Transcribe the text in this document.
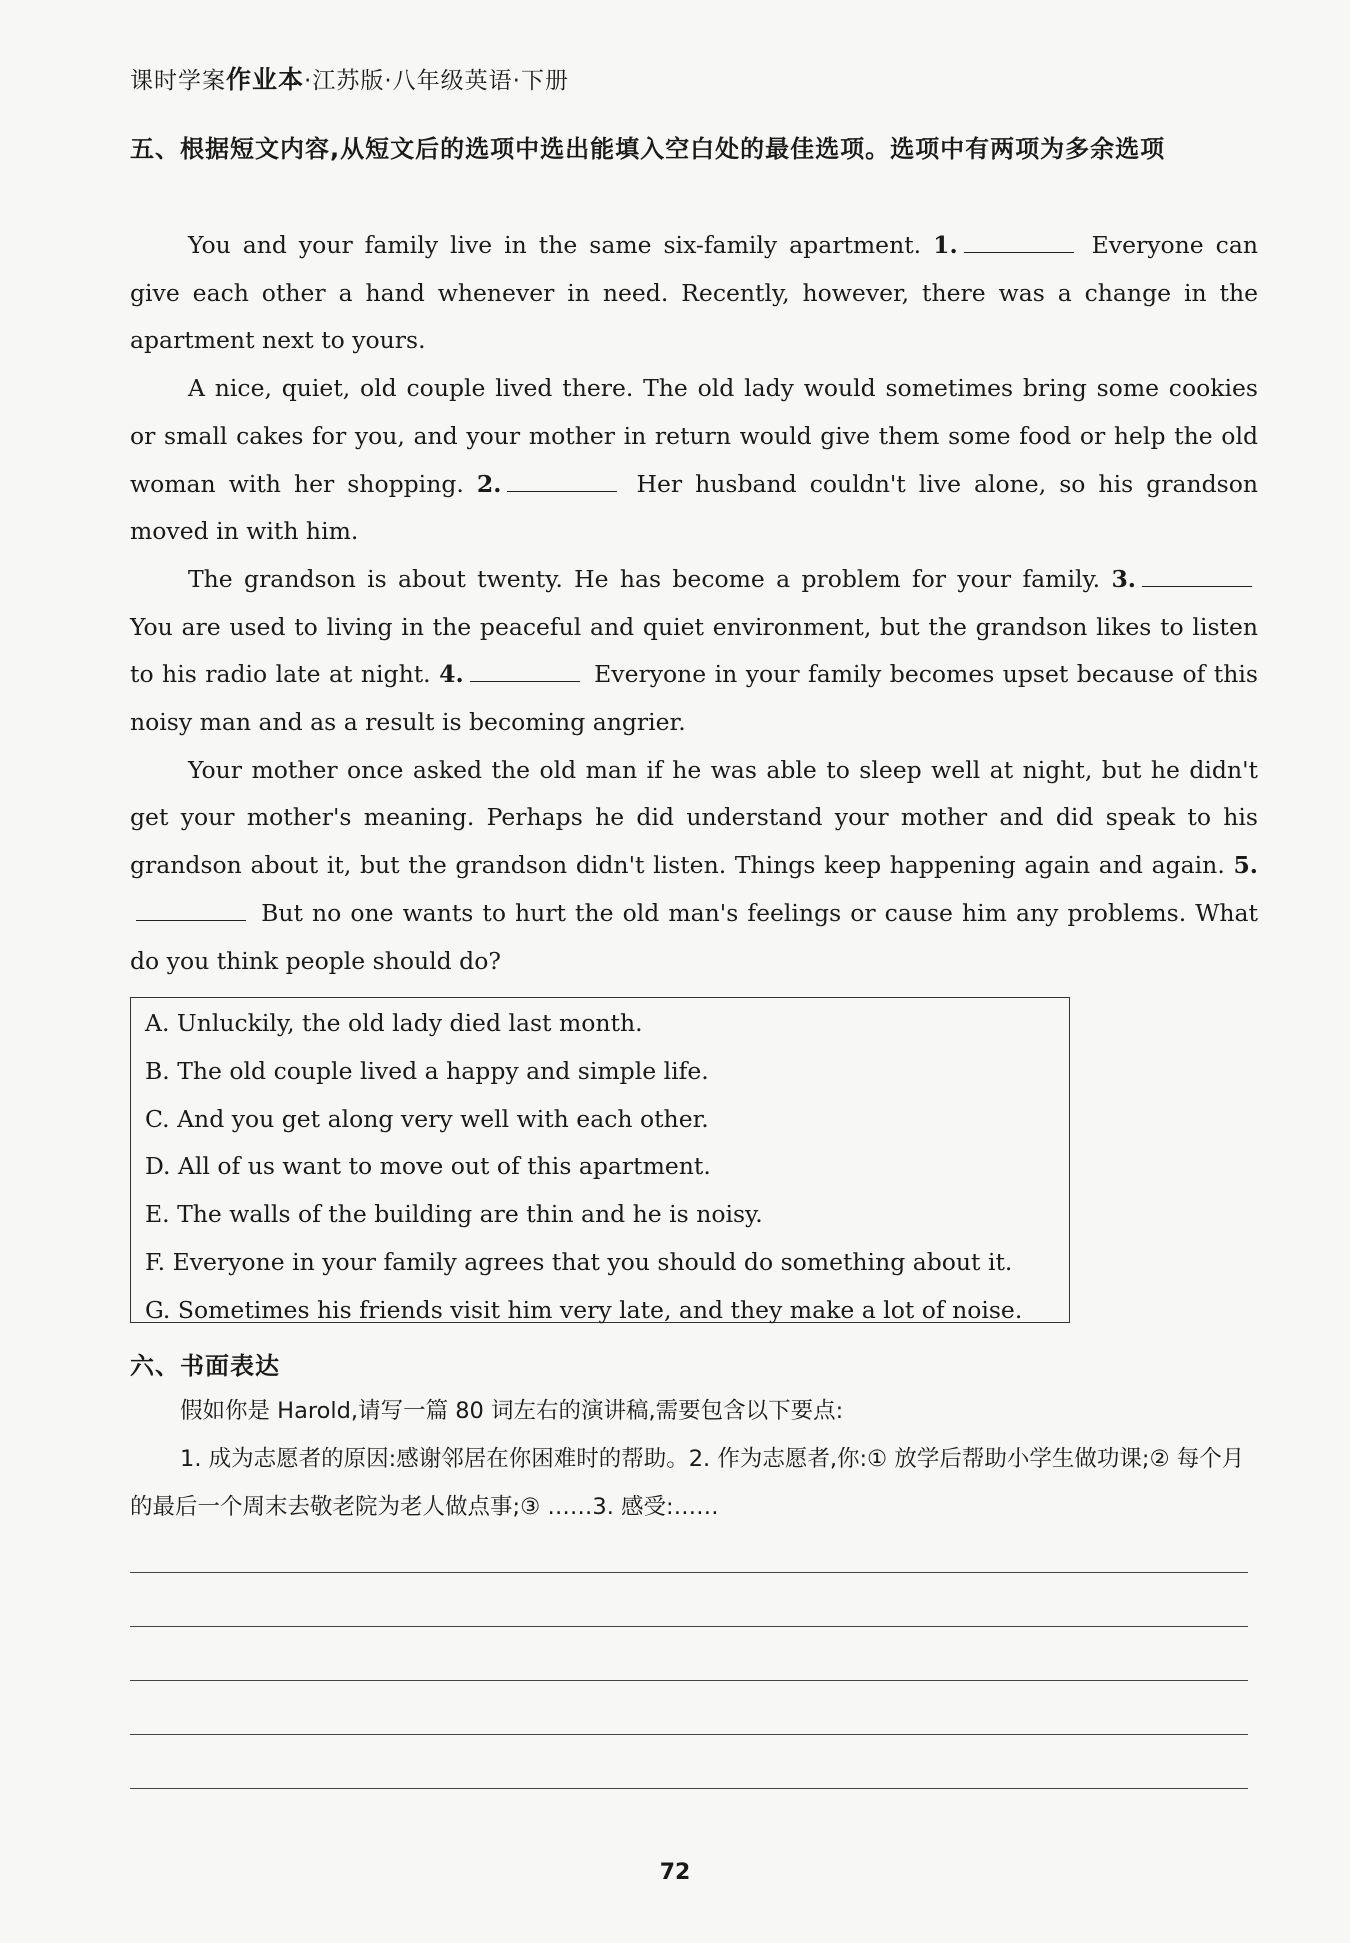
课时学案作业本·江苏版·八年级英语·下册
五、根据短文内容,从短文后的选项中选出能填入空白处的最佳选项。选项中有两项为多余选项

You and your family live in the same six-family apartment. 1.	Everyone can give each other a hand whenever in need. Recently, however, there was a change in the apartment next to yours.

A nice, quiet, old couple lived there. The old lady would sometimes bring some cookies or small cakes for you, and your mother in return would give them some food or help the old woman with her shopping. 2.	Her husband couldn't live alone, so his grandson moved in with him.

The grandson is about twenty. He has become a problem for your family. 3. You are used to living in the peaceful and quiet environment, but the grandson likes to listen to his radio late at night. 4.	Everyone in your family becomes upset because of this noisy man and as a result is becoming angrier.

Your mother once asked the old man if he was able to sleep well at night, but he didn't get your mother's meaning. Perhaps he did understand your mother and did speak to his grandson about it, but the grandson didn't listen. Things keep happening again and again. 5. But no one wants to hurt the old man's feelings or cause him any problems. What do you think people should do?

A. Unluckily, the old lady died last month.
B. The old couple lived a happy and simple life.
C. And you get along very well with each other.
D. All of us want to move out of this apartment.
E. The walls of the building are thin and he is noisy.
F. Everyone in your family agrees that you should do something about it.
G. Sometimes his friends visit him very late, and they make a lot of noise.
六、书面表达

假如你是 Harold,请写一篇 80 词左右的演讲稿,需要包含以下要点:

1. 成为志愿者的原因:感谢邻居在你困难时的帮助。2. 作为志愿者,你:① 放学后帮助小学生做功课;② 每个月的最后一个周末去敬老院为老人做点事;③ ……3. 感受:……

72
